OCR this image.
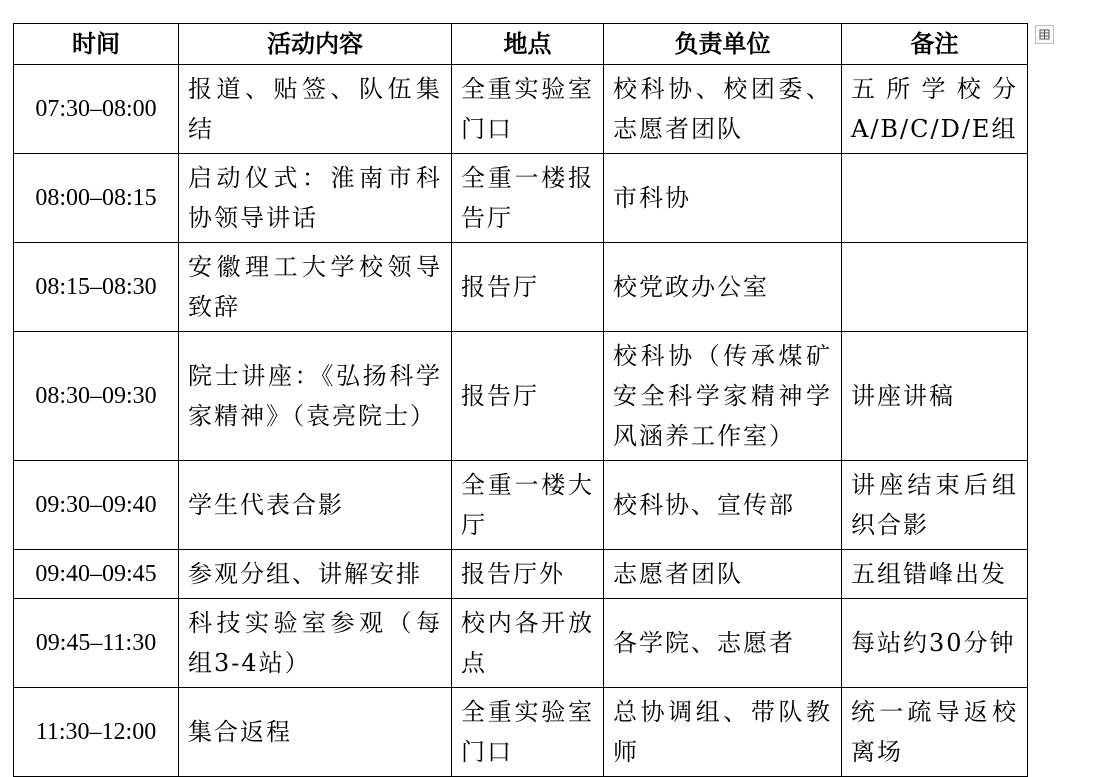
时间	活动内容	地点	负责单位	备注
07:30–08:00	报道、贴签、队伍集结	全重实验室门口	校科协、校团委、志愿者团队	五所学校分A/B/C/D/E组
08:00–08:15	启动仪式：淮南市科协领导讲话	全重一楼报告厅	市科协	
08:15–08:30	安徽理工大学校领导致辞	报告厅	校党政办公室	
08:30–09:30	院士讲座：《弘扬科学家精神》（袁亮院士）	报告厅	校科协（传承煤矿安全科学家精神学风涵养工作室）	讲座讲稿
09:30–09:40	学生代表合影	全重一楼大厅	校科协、宣传部	讲座结束后组织合影
09:40–09:45	参观分组、讲解安排	报告厅外	志愿者团队	五组错峰出发
09:45–11:30	科技实验室参观（每组3-4站）	校内各开放点	各学院、志愿者	每站约30分钟
11:30–12:00	集合返程	全重实验室门口	总协调组、带队教师	统一疏导返校离场
